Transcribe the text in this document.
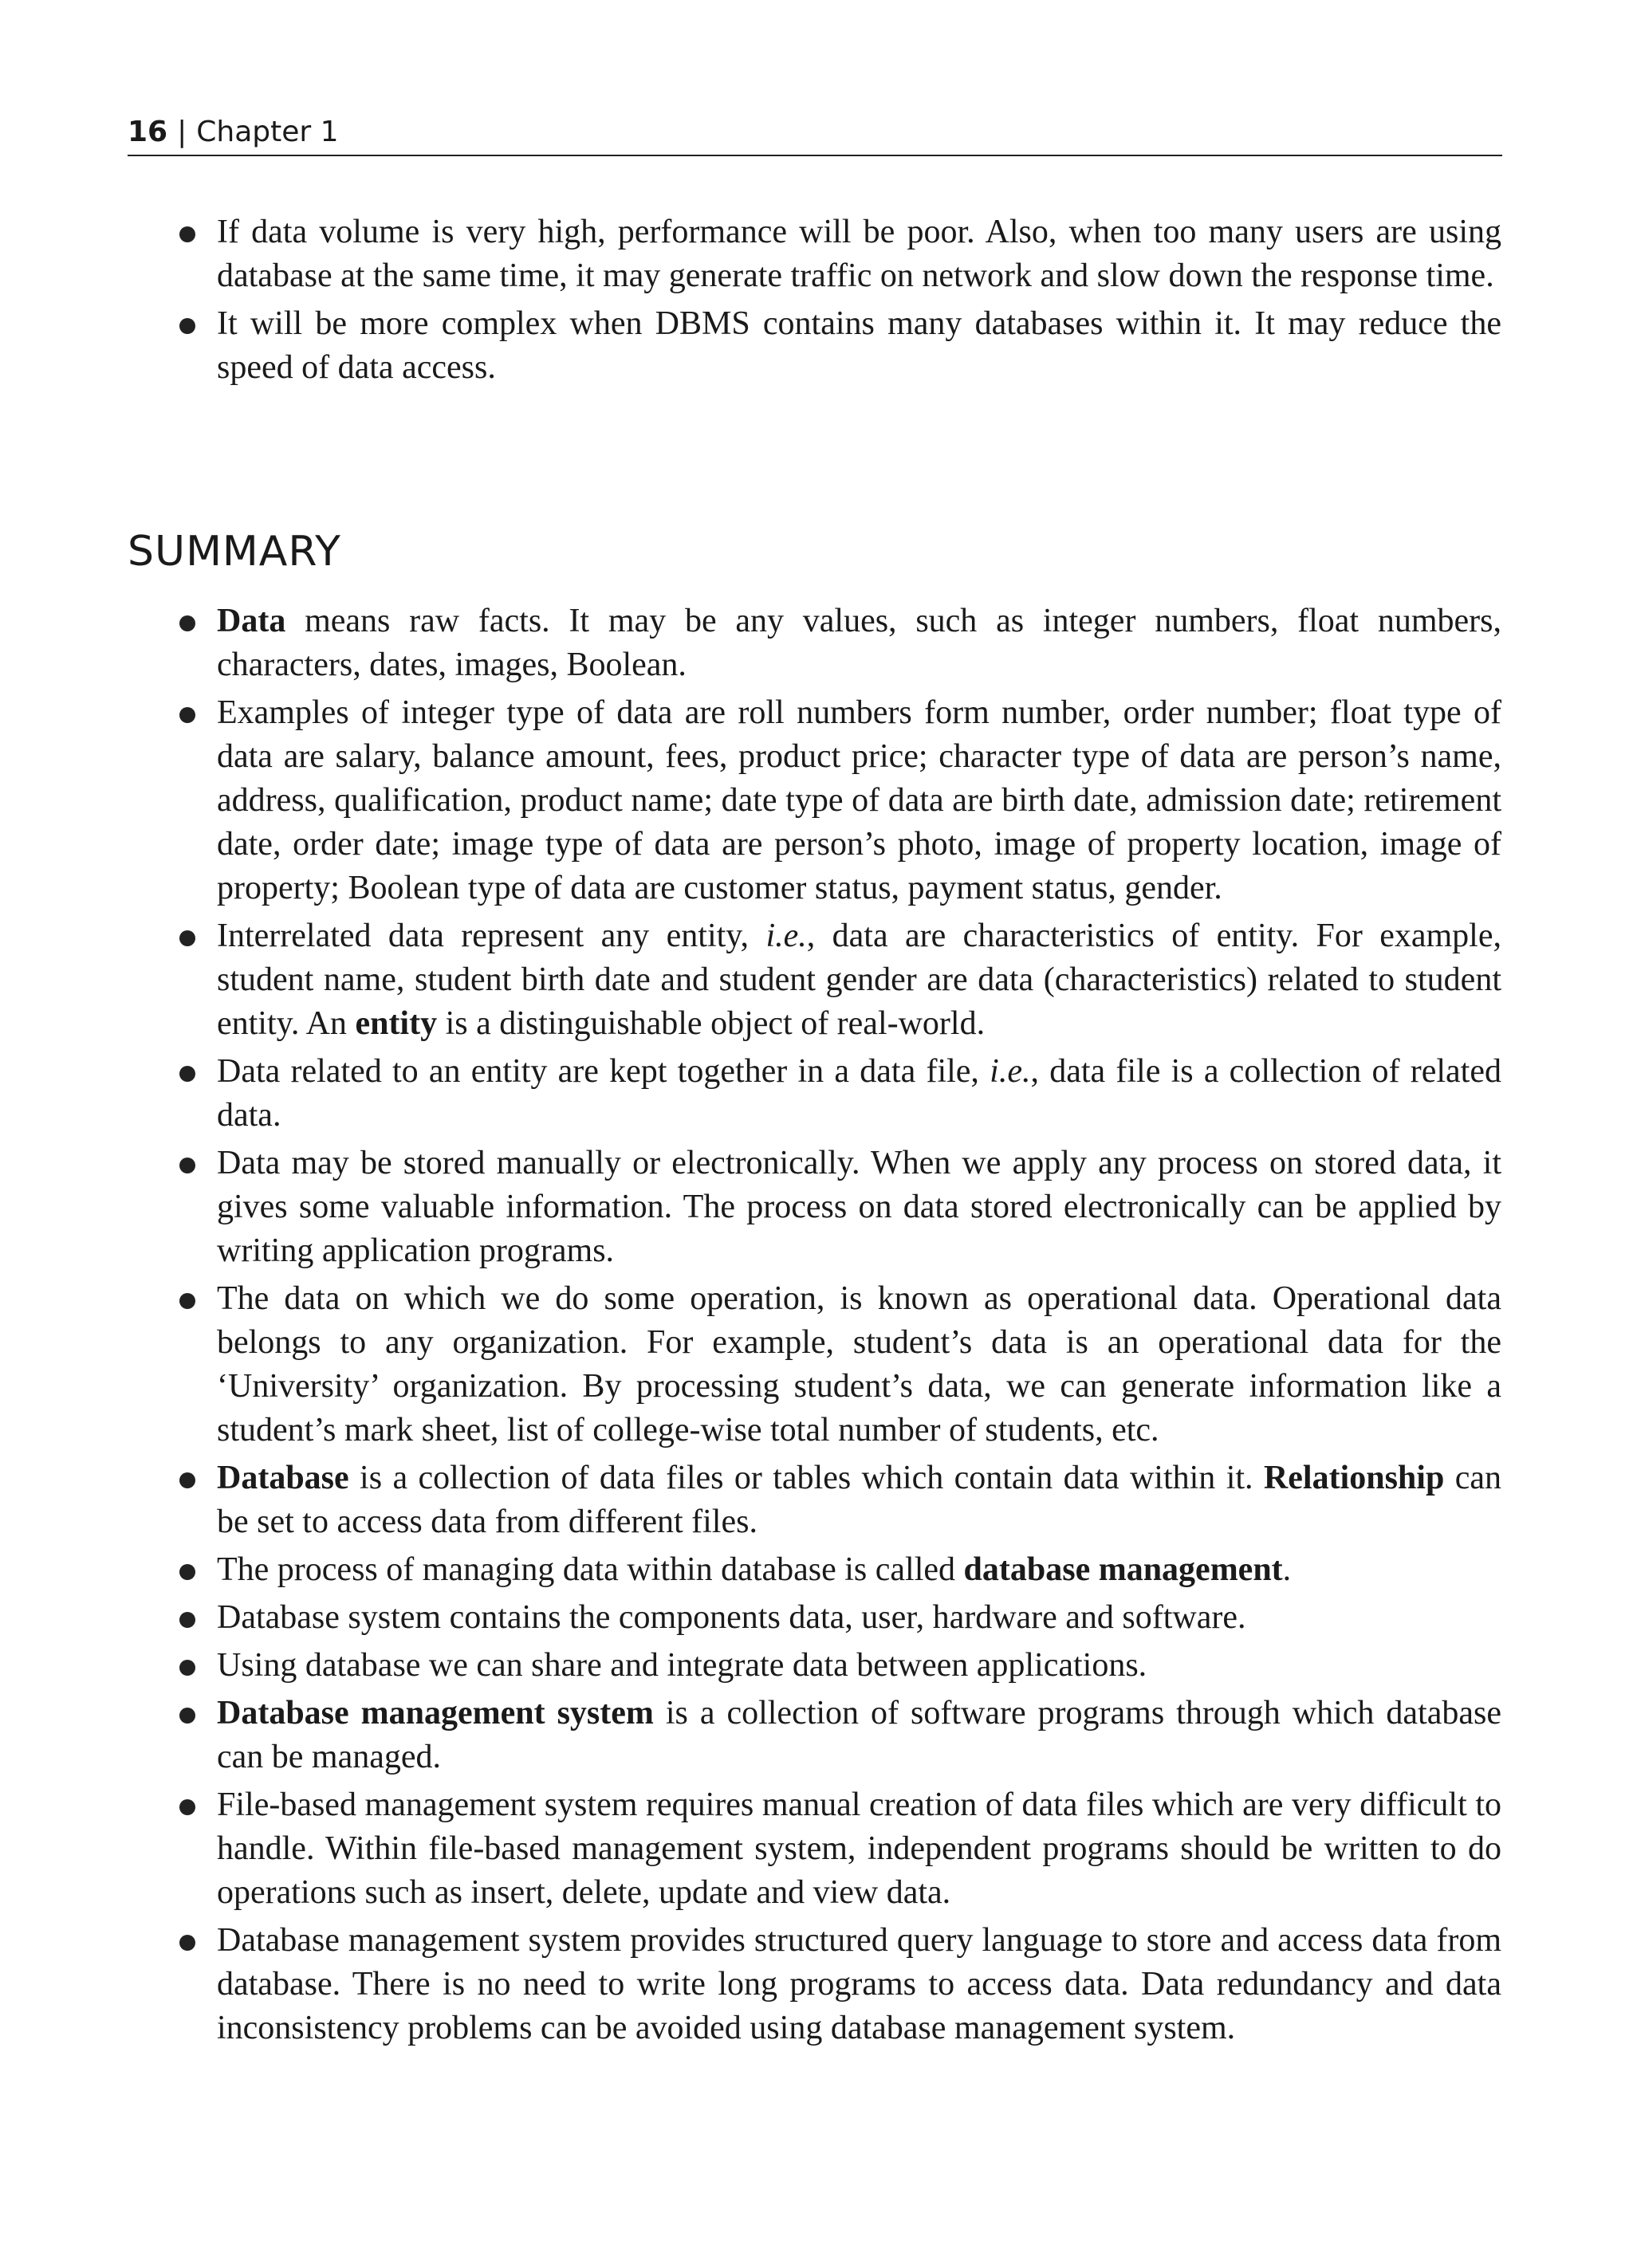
16 | Chapter 1
If data volume is very high, performance will be poor. Also, when too many users are using database at the same time, it may generate traffic on network and slow down the response time.
It will be more complex when DBMS contains many databases within it. It may reduce the speed of data access.
SUMMARY
Data means raw facts. It may be any values, such as integer numbers, float numbers, characters, dates, images, Boolean.
Examples of integer type of data are roll numbers form number, order number; float type of data are salary, balance amount, fees, product price; character type of data are person’s name, address, qualification, product name; date type of data are birth date, admission date; retirement date, order date; image type of data are person’s photo, image of property location, image of property; Boolean type of data are customer status, payment status, gender.
Interrelated data represent any entity, i.e., data are characteristics of entity. For example, student name, student birth date and student gender are data (characteristics) related to student entity. An entity is a distinguishable object of real-world.
Data related to an entity are kept together in a data file, i.e., data file is a collection of related data.
Data may be stored manually or electronically. When we apply any process on stored data, it gives some valuable information. The process on data stored electronically can be applied by writing application programs.
The data on which we do some operation, is known as operational data. Operational data belongs to any organization. For example, student’s data is an operational data for the ‘University’ organization. By processing student’s data, we can generate information like a student’s mark sheet, list of college-wise total number of students, etc.
Database is a collection of data files or tables which contain data within it. Relationship can be set to access data from different files.
The process of managing data within database is called database management.
Database system contains the components data, user, hardware and software.
Using database we can share and integrate data between applications.
Database management system is a collection of software programs through which database can be managed.
File-based management system requires manual creation of data files which are very difficult to handle. Within file-based management system, independent programs should be written to do operations such as insert, delete, update and view data.
Database management system provides structured query language to store and access data from database. There is no need to write long programs to access data. Data redundancy and data inconsistency problems can be avoided using database management system.
